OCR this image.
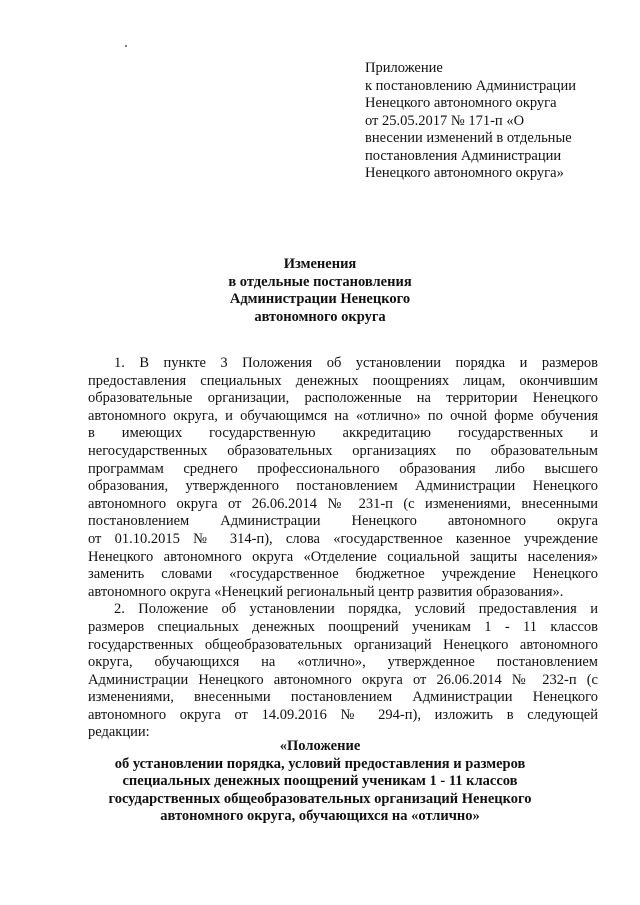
Приложение
к постановлению Администрации
Ненецкого автономного округа
от 25.05.2017 № 171-п «О
внесении изменений в отдельные
постановления Администрации
Ненецкого автономного округа»
Изменения
в отдельные постановления
Администрации Ненецкого
автономного округа
1. В пункте 3 Положения об установлении порядка и размеров
предоставления специальных денежных поощрениях лицам, окончившим
образовательные организации, расположенные на территории Ненецкого
автономного округа, и обучающимся на «отлично» по очной форме обучения
в имеющих государственную аккредитацию государственных и
негосударственных образовательных организациях по образовательным
программам среднего профессионального образования либо высшего
образования, утвержденного постановлением Администрации Ненецкого
автономного округа от 26.06.2014 № 231-п (с изменениями, внесенными
постановлением Администрации Ненецкого автономного округа
от 01.10.2015 № 314-п), слова «государственное казенное учреждение
Ненецкого автономного округа «Отделение социальной защиты населения»
заменить словами «государственное бюджетное учреждение Ненецкого
автономного округа «Ненецкий региональный центр развития образования».
2. Положение об установлении порядка, условий предоставления и
размеров специальных денежных поощрений ученикам 1 - 11 классов
государственных общеобразовательных организаций Ненецкого автономного
округа, обучающихся на «отлично», утвержденное постановлением
Администрации Ненецкого автономного округа от 26.06.2014 № 232-п (с
изменениями, внесенными постановлением Администрации Ненецкого
автономного округа от 14.09.2016 № 294-п), изложить в следующей
редакции:
«Положение
об установлении порядка, условий предоставления и размеров
специальных денежных поощрений ученикам 1 - 11 классов
государственных общеобразовательных организаций Ненецкого
автономного округа, обучающихся на «отлично»
